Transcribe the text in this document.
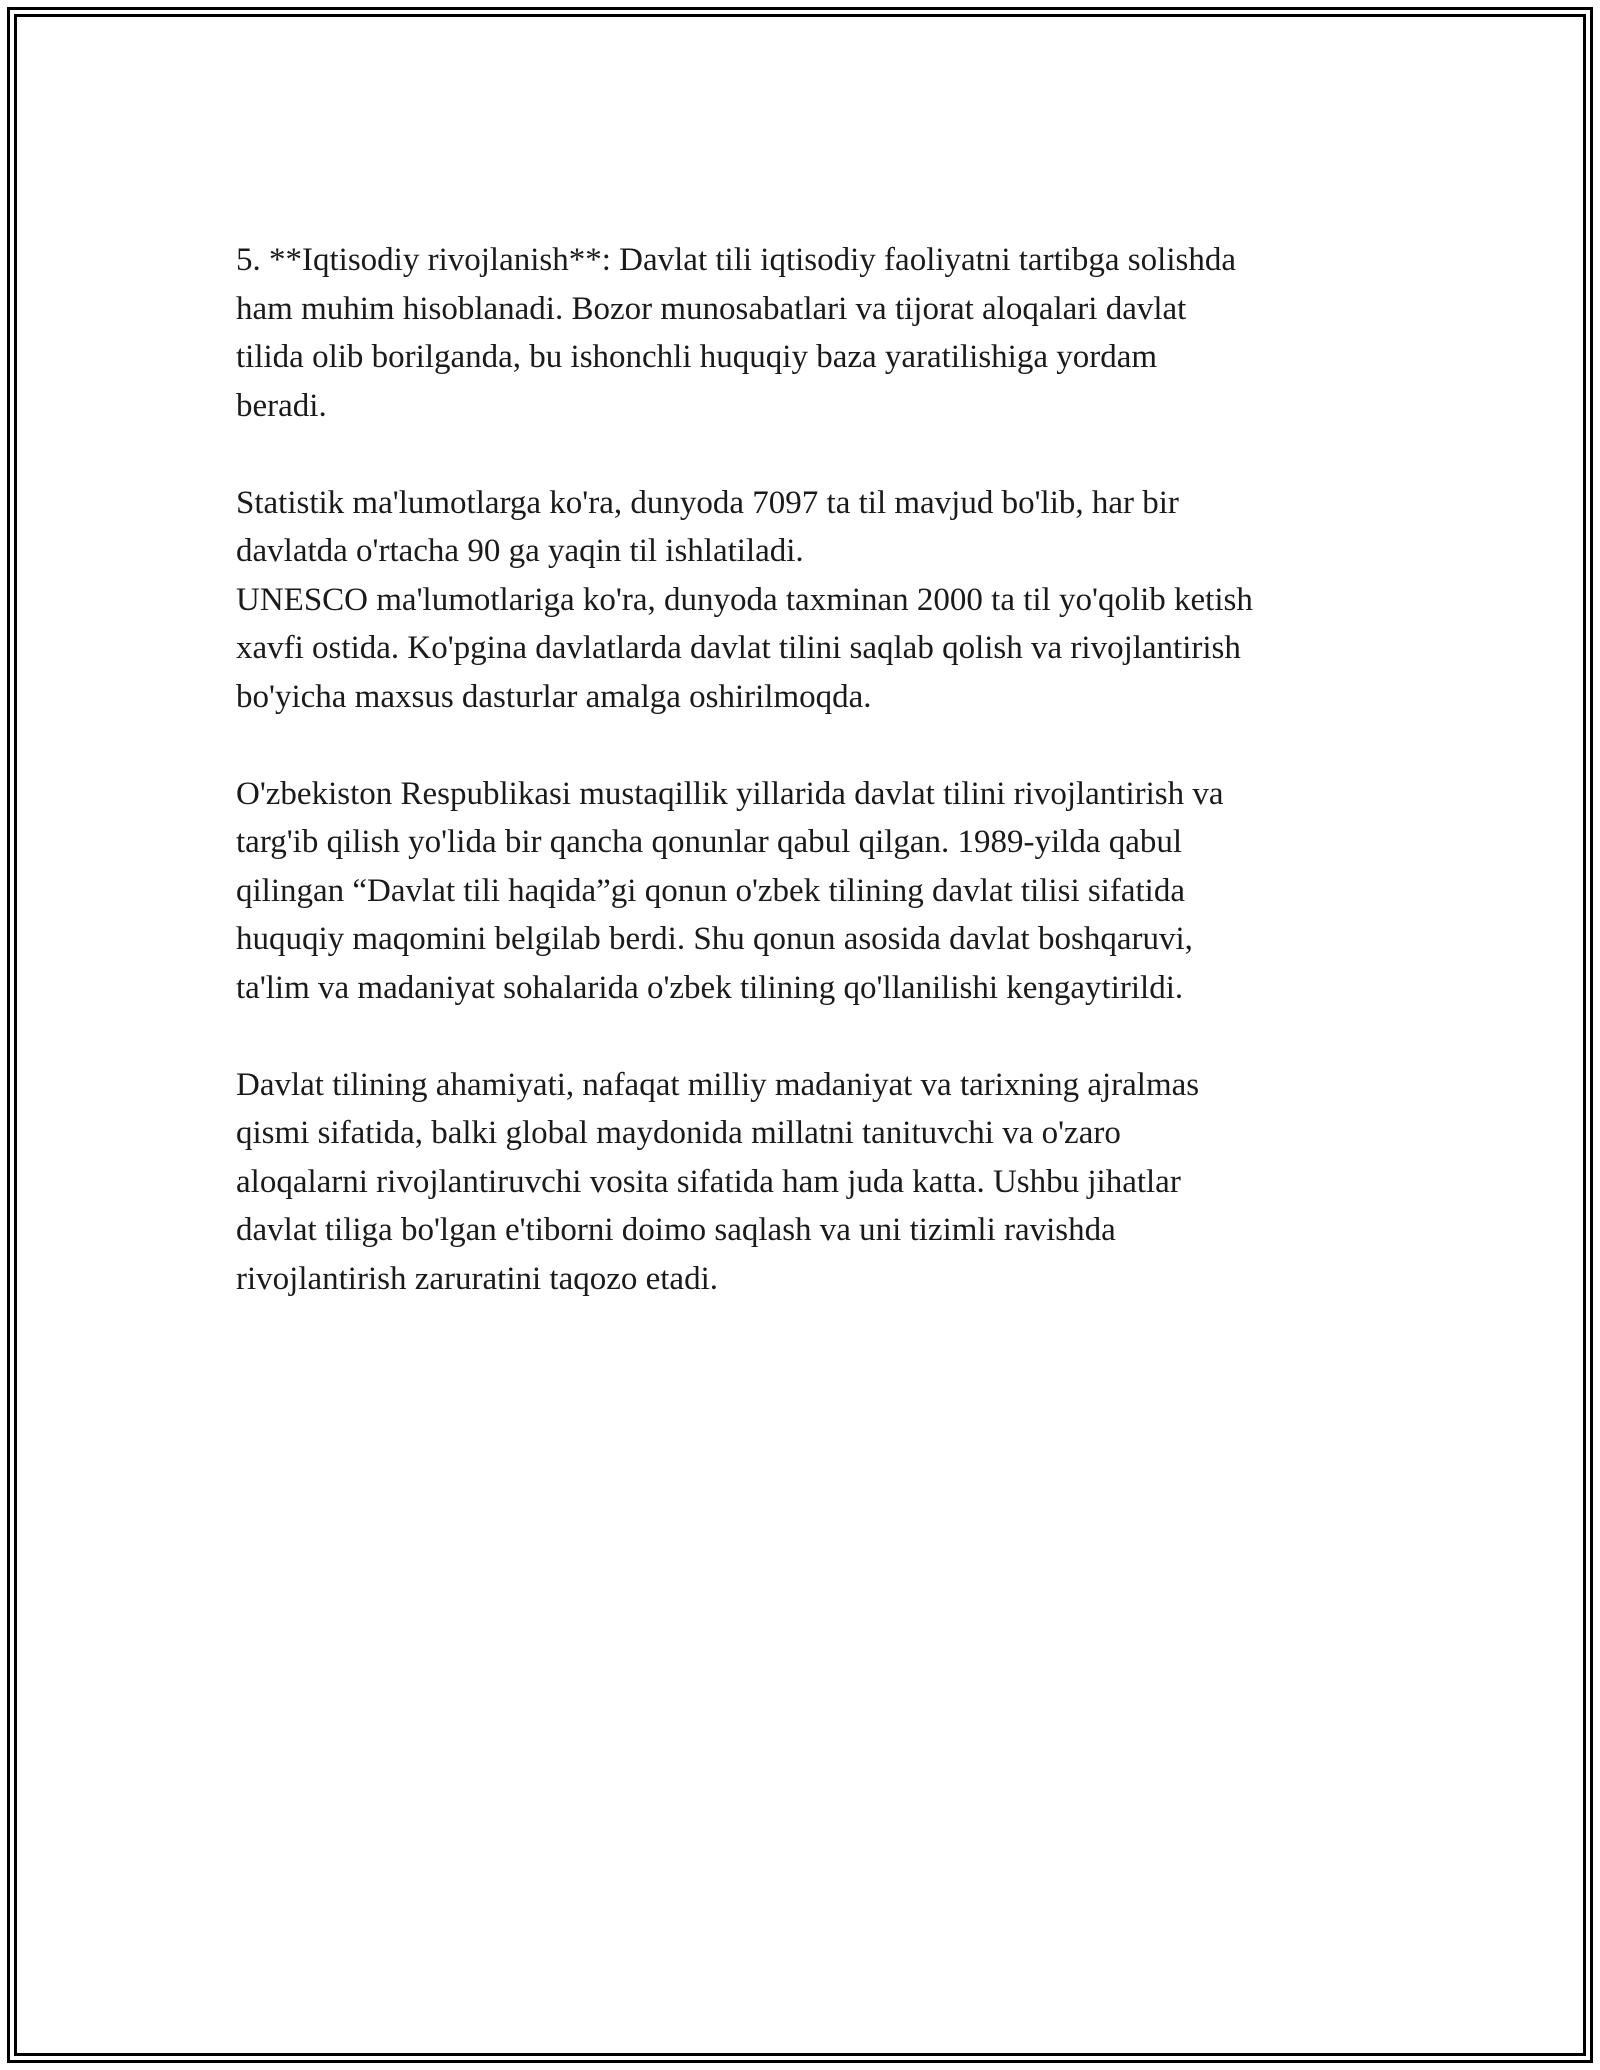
5. **Iqtisodiy rivojlanish**: Davlat tili iqtisodiy faoliyatni tartibga solishda
ham muhim hisoblanadi. Bozor munosabatlari va tijorat aloqalari davlat
tilida olib borilganda, bu ishonchli huquqiy baza yaratilishiga yordam
beradi.

Statistik ma'lumotlarga ko'ra, dunyoda 7097 ta til mavjud bo'lib, har bir
davlatda o'rtacha 90 ga yaqin til ishlatiladi.
UNESCO ma'lumotlariga ko'ra, dunyoda taxminan 2000 ta til yo'qolib ketish
xavfi ostida. Ko'pgina davlatlarda davlat tilini saqlab qolish va rivojlantirish
bo'yicha maxsus dasturlar amalga oshirilmoqda.

O'zbekiston Respublikasi mustaqillik yillarida davlat tilini rivojlantirish va
targ'ib qilish yo'lida bir qancha qonunlar qabul qilgan. 1989-yilda qabul
qilingan “Davlat tili haqida”gi qonun o'zbek tilining davlat tilisi sifatida
huquqiy maqomini belgilab berdi. Shu qonun asosida davlat boshqaruvi,
ta'lim va madaniyat sohalarida o'zbek tilining qo'llanilishi kengaytirildi.

Davlat tilining ahamiyati, nafaqat milliy madaniyat va tarixning ajralmas
qismi sifatida, balki global maydonida millatni tanituvchi va o'zaro
aloqalarni rivojlantiruvchi vosita sifatida ham juda katta. Ushbu jihatlar
davlat tiliga bo'lgan e'tiborni doimo saqlash va uni tizimli ravishda
rivojlantirish zaruratini taqozo etadi.
